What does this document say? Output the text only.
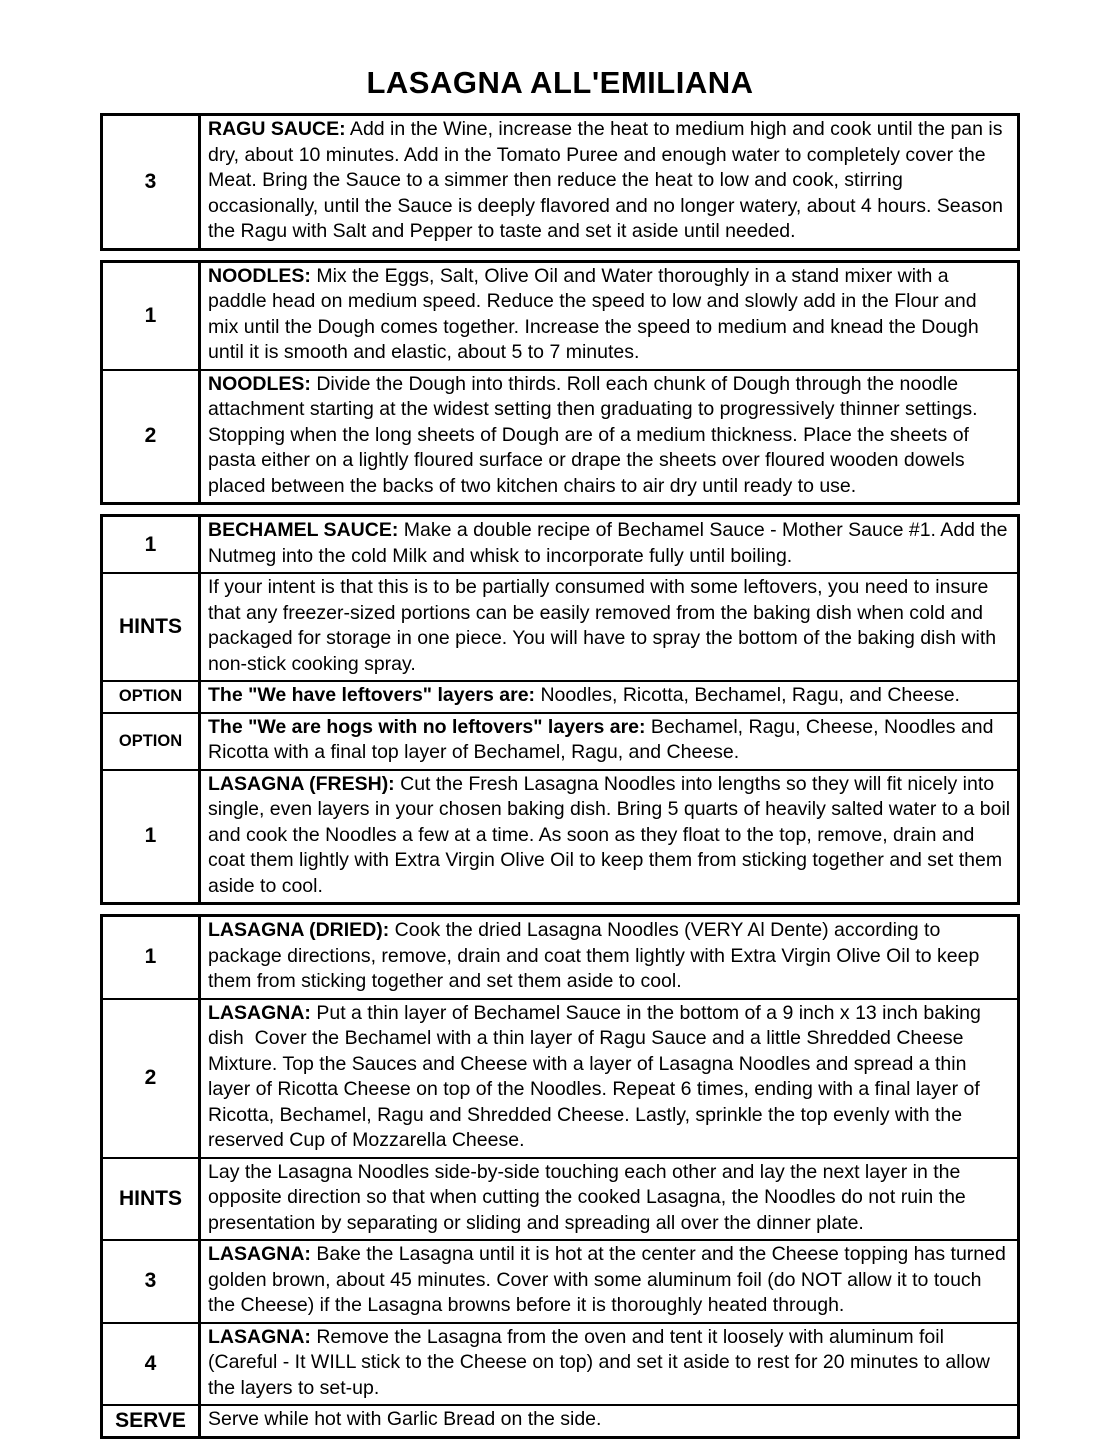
LASAGNA ALL'EMILIANA
3
RAGU SAUCE: Add in the Wine, increase the heat to medium high and cook until the pan is dry, about 10 minutes. Add in the Tomato Puree and enough water to completely cover the Meat. Bring the Sauce to a simmer then reduce the heat to low and cook, stirring occasionally, until the Sauce is deeply flavored and no longer watery, about 4 hours. Season the Ragu with Salt and Pepper to taste and set it aside until needed.
1
NOODLES: Mix the Eggs, Salt, Olive Oil and Water thoroughly in a stand mixer with a paddle head on medium speed. Reduce the speed to low and slowly add in the Flour and mix until the Dough comes together. Increase the speed to medium and knead the Dough until it is smooth and elastic, about 5 to 7 minutes.
2
NOODLES: Divide the Dough into thirds. Roll each chunk of Dough through the noodle attachment starting at the widest setting then graduating to progressively thinner settings. Stopping when the long sheets of Dough are of a medium thickness. Place the sheets of pasta either on a lightly floured surface or drape the sheets over floured wooden dowels placed between the backs of two kitchen chairs to air dry until ready to use.
1
BECHAMEL SAUCE: Make a double recipe of Bechamel Sauce - Mother Sauce #1. Add the Nutmeg into the cold Milk and whisk to incorporate fully until boiling.
HINTS
If your intent is that this is to be partially consumed with some leftovers, you need to insure that any freezer-sized portions can be easily removed from the baking dish when cold and packaged for storage in one piece. You will have to spray the bottom of the baking dish with non-stick cooking spray.
OPTION	The "We have leftovers" layers are: Noodles, Ricotta, Bechamel, Ragu, and Cheese.
OPTION
The "We are hogs with no leftovers" layers are: Bechamel, Ragu, Cheese, Noodles and Ricotta with a final top layer of Bechamel, Ragu, and Cheese.
1
LASAGNA (FRESH): Cut the Fresh Lasagna Noodles into lengths so they will fit nicely into single, even layers in your chosen baking dish. Bring 5 quarts of heavily salted water to a boil and cook the Noodles a few at a time. As soon as they float to the top, remove, drain and coat them lightly with Extra Virgin Olive Oil to keep them from sticking together and set them aside to cool.
1
LASAGNA (DRIED): Cook the dried Lasagna Noodles (VERY Al Dente) according to package directions, remove, drain and coat them lightly with Extra Virgin Olive Oil to keep them from sticking together and set them aside to cool.
2
LASAGNA: Put a thin layer of Bechamel Sauce in the bottom of a 9 inch x 13 inch baking dish  Cover the Bechamel with a thin layer of Ragu Sauce and a little Shredded Cheese Mixture. Top the Sauces and Cheese with a layer of Lasagna Noodles and spread a thin layer of Ricotta Cheese on top of the Noodles. Repeat 6 times, ending with a final layer of Ricotta, Bechamel, Ragu and Shredded Cheese. Lastly, sprinkle the top evenly with the reserved Cup of Mozzarella Cheese.
HINTS
Lay the Lasagna Noodles side-by-side touching each other and lay the next layer in the opposite direction so that when cutting the cooked Lasagna, the Noodles do not ruin the presentation by separating or sliding and spreading all over the dinner plate.
3
LASAGNA: Bake the Lasagna until it is hot at the center and the Cheese topping has turned golden brown, about 45 minutes. Cover with some aluminum foil (do NOT allow it to touch the Cheese) if the Lasagna browns before it is thoroughly heated through.
4
LASAGNA: Remove the Lasagna from the oven and tent it loosely with aluminum foil (Careful - It WILL stick to the Cheese on top) and set it aside to rest for 20 minutes to allow the layers to set-up.
SERVE	Serve while hot with Garlic Bread on the side.
